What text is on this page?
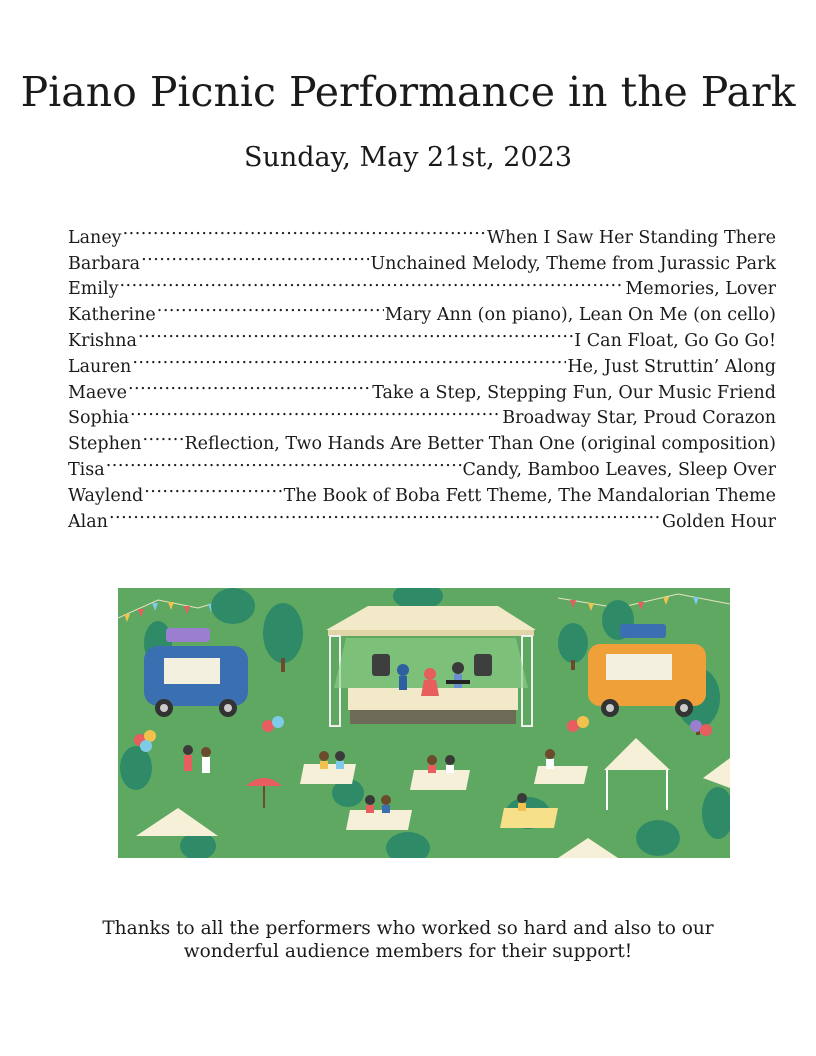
Piano Picnic Performance in the Park
Sunday, May 21st, 2023
Laney .....	When I Saw Her Standing There
Barbara .....	Unchained Melody, Theme from Jurassic Park
Emily .....	Memories, Lover
Katherine .....	Mary Ann (on piano), Lean On Me (on cello)
Krishna .....	I Can Float, Go Go Go!
Lauren .....	He, Just Struttin’ Along
Maeve .....	Take a Step, Stepping Fun, Our Music Friend
Sophia .....	Broadway Star, Proud Corazon
Stephen ..... Reflection, Two Hands Are Better Than One (original composition)
Tisa .....	Candy, Bamboo Leaves, Sleep Over
Waylend .....	The Book of Boba Fett Theme, The Mandalorian Theme
Alan .....	Golden Hour

Thanks to all the performers who worked so hard and also to our wonderful audience members for their support!
